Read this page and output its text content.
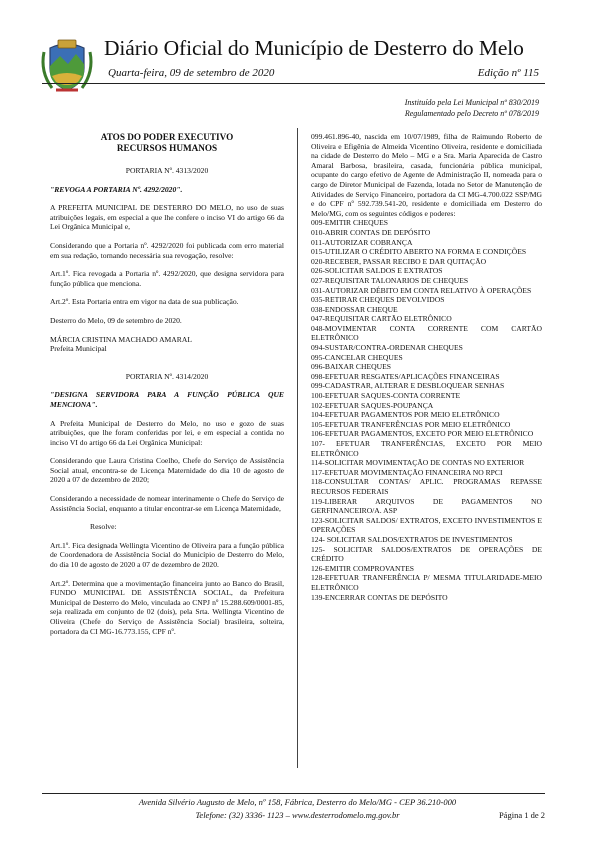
Diário Oficial do Município de Desterro do Melo
Quarta-feira, 09 de setembro de 2020	Edição nº 115
Instituído pela Lei Municipal nº 830/2019
Regulamentado pelo Decreto nº 078/2019
ATOS DO PODER EXECUTIVO
RECURSOS HUMANOS

PORTARIA Nº. 4313/2020

"REVOGA A PORTARIA Nº. 4292/2020".

A PREFEITA MUNICIPAL DE DESTERRO DO MELO, no uso de suas atribuições legais, em especial a que lhe confere o inciso VI do artigo 66 da Lei Orgânica Municipal e,

Considerando que a Portaria nº. 4292/2020 foi publicada com erro material em sua redação, tornando necessária sua revogação, resolve:

Art.1º. Fica revogada a Portaria nº. 4292/2020, que designa servidora para função pública que menciona.

Art.2º. Esta Portaria entra em vigor na data de sua publicação.

Desterro do Melo, 09 de setembro de 2020.

MÁRCIA CRISTINA MACHADO AMARAL
Prefeita Municipal

PORTARIA Nº. 4314/2020

"DESIGNA SERVIDORA PARA A FUNÇÃO PÚBLICA QUE MENCIONA".

A Prefeita Municipal de Desterro do Melo, no uso e gozo de suas atribuições, que lhe foram conferidas por lei, e em especial a contida no inciso VI do artigo 66 da Lei Orgânica Municipal:

Considerando que Laura Cristina Coelho, Chefe do Serviço de Assistência Social atual, encontra-se de Licença Maternidade do dia 10 de agosto de 2020 a 07 de dezembro de 2020;

Considerando a necessidade de nomear interinamente o Chefe do Serviço de Assistência Social, enquanto a titular encontrar-se em Licença Maternidade,

Resolve:

Art.1º. Fica designada Wellingta Vicentino de Oliveira para a função pública de Coordenadora de Assistência Social do Município de Desterro do Melo, do dia 10 de agosto de 2020 a 07 de dezembro de 2020.

Art.2º. Determina que a movimentação financeira junto ao Banco do Brasil, FUNDO MUNICIPAL DE ASSISTÊNCIA SOCIAL, da Prefeitura Municipal de Desterro do Melo, vinculada ao CNPJ nº 15.288.609/0001-85, seja realizada em conjunto de 02 (dois), pela Srta. Wellingta Vicentino de Oliveira (Chefe do Serviço de Assistência Social) brasileira, solteira, portadora da CI MG-16.773.155, CPF nº.

099.461.896-40, nascida em 10/07/1989, filha de Raimundo Roberto de Oliveira e Efigênia de Almeida Vicentino Oliveira, residente e domiciliada na cidade de Desterro do Melo – MG e a Sra. Maria Aparecida de Castro Amaral Barbosa, brasileira, casada, funcionária pública municipal, ocupante do cargo efetivo de Agente de Administração II, nomeada para o cargo de Diretor Municipal de Fazenda, lotada no Setor de Manutenção de Atividades de Serviço Financeiro, portadora da CI MG-4.700.022 SSP/MG e do CPF nº 592.739.541-20, residente e domiciliada em Desterro do Melo/MG, com os seguintes códigos e poderes:

009-EMITIR CHEQUES
010-ABRIR CONTAS DE DEPÓSITO
011-AUTORIZAR COBRANÇA
015-UTILIZAR O CRÉDITO ABERTO NA FORMA E CONDIÇÕES
020-RECEBER, PASSAR RECIBO E DAR QUITAÇÃO
026-SOLICITAR SALDOS E EXTRATOS
027-REQUISITAR TALONARIOS DE CHEQUES
031-AUTORIZAR DÉBITO EM CONTA RELATIVO À OPERAÇÕES
035-RETIRAR CHEQUES DEVOLVIDOS
038-ENDOSSAR CHEQUE
047-REQUISITAR CARTÃO ELETRÔNICO
048-MOVIMENTAR CONTA CORRENTE COM CARTÃO ELETRÔNICO
094-SUSTAR/CONTRA-ORDENAR CHEQUES
095-CANCELAR CHEQUES
096-BAIXAR CHEQUES
098-EFETUAR RESGATES/APLICAÇÕES FINANCEIRAS
099-CADASTRAR, ALTERAR E DESBLOQUEAR SENHAS
100-EFETUAR SAQUES-CONTA CORRENTE
102-EFETUAR SAQUES-POUPANÇA
104-EFETUAR PAGAMENTOS POR MEIO ELETRÔNICO
105-EFETUAR TRANFERÊNCIAS POR MEIO ELETRÔNICO
106-EFETUAR PAGAMENTOS, EXCETO POR MEIO ELETRÔNICO
107- EFETUAR TRANFERÊNCIAS, EXCETO POR MEIO ELETRÔNICO
114-SOLICITAR MOVIMENTAÇÃO DE CONTAS NO EXTERIOR
117-EFETUAR MOVIMENTAÇÃO FINANCEIRA NO RPCI
118-CONSULTAR CONTAS/ APLIC. PROGRAMAS REPASSE RECURSOS FEDERAIS
119-LIBERAR ARQUIVOS DE PAGAMENTOS NO GERFINANCEIRO/A. ASP
123-SOLICITAR SALDOS/ EXTRATOS, EXCETO INVESTIMENTOS E OPERAÇÕES
124- SOLICITAR SALDOS/EXTRATOS DE INVESTIMENTOS
125- SOLICITAR SALDOS/EXTRATOS DE OPERAÇÕES DE CRÉDITO
126-EMITIR COMPROVANTES
128-EFETUAR TRANFERÊNCIA P/ MESMA TITULARIDADE-MEIO ELETRÔNICO
139-ENCERRAR CONTAS DE DEPÓSITO
Avenida Silvério Augusto de Melo, nº 158, Fábrica, Desterro do Melo/MG - CEP 36.210-000
Telefone: (32) 3336- 1123 – www.desterrodomelo.mg.gov.br	Página 1 de 2
